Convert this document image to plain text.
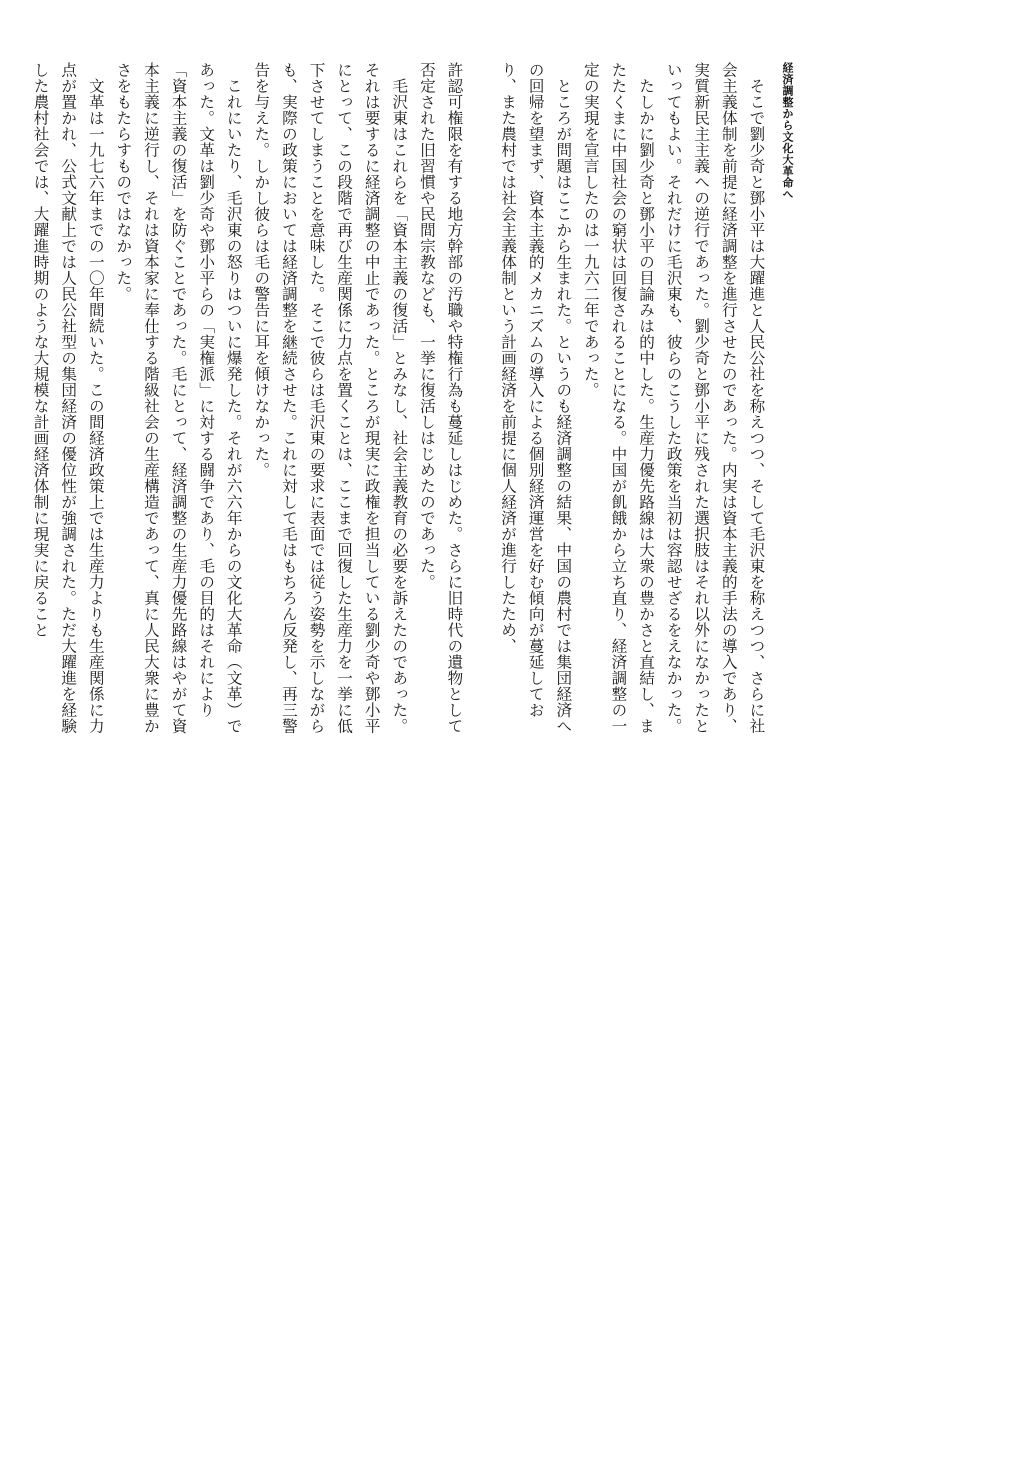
経済調整から文化大革命へ
そこで劉少奇と鄧小平は大躍進と人民公社を称えつつ、そして毛沢東を称えつつ、さらに社会主義体制を前提に経済調整を進行させたのであった。内実は資本主義的手法の導入であり、実質新民主主義への逆行であった。劉少奇と鄧小平に残された選択肢はそれ以外になかったといってもよい。それだけに毛沢東も、彼らのこうした政策を当初は容認せざるをえなかった。
たしかに劉少奇と鄧小平の目論みは的中した。生産力優先路線は大衆の豊かさと直結し、またたくまに中国社会の窮状は回復されることになる。中国が飢餓から立ち直り、経済調整の一定の実現を宣言したのは一九六二年であった。
ところが問題はここから生まれた。というのも経済調整の結果、中国の農村では集団経済への回帰を望まず、資本主義的メカニズムの導入による個別経済運営を好む傾向が蔓延しており、また農村では社会主義体制という計画経済を前提に個人経済が進行したため、
許認可権限を有する地方幹部の汚職や特権行為も蔓延しはじめた。さらに旧時代の遺物として否定された旧習慣や民間宗教なども、一挙に復活しはじめたのであった。
毛沢東はこれらを「資本主義の復活」とみなし、社会主義教育の必要を訴えたのであった。それは要するに経済調整の中止であった。ところが現実に政権を担当している劉少奇や鄧小平にとって、この段階で再び生産関係に力点を置くことは、ここまで回復した生産力を一挙に低下させてしまうことを意味した。そこで彼らは毛沢東の要求に表面では従う姿勢を示しながらも、実際の政策においては経済調整を継続させた。これに対して毛はもちろん反発し、再三警告を与えた。しかし彼らは毛の警告に耳を傾けなかった。
これにいたり、毛沢東の怒りはついに爆発した。それが六六年からの文化大革命（文革）であった。文革は劉少奇や鄧小平らの「実権派」に対する闘争であり、毛の目的はそれにより「資本主義の復活」を防ぐことであった。毛にとって、経済調整の生産力優先路線はやがて資本主義に逆行し、それは資本家に奉仕する階級社会の生産構造であって、真に人民大衆に豊かさをもたらすものではなかった。
文革は一九七六年までの一〇年間続いた。この間経済政策上では生産力よりも生産関係に力点が置かれ、公式文献上では人民公社型の集団経済の優位性が強調された。ただ大躍進を経験した農村社会では、大躍進時期のような大規模な計画経済体制に現実に戻ること
